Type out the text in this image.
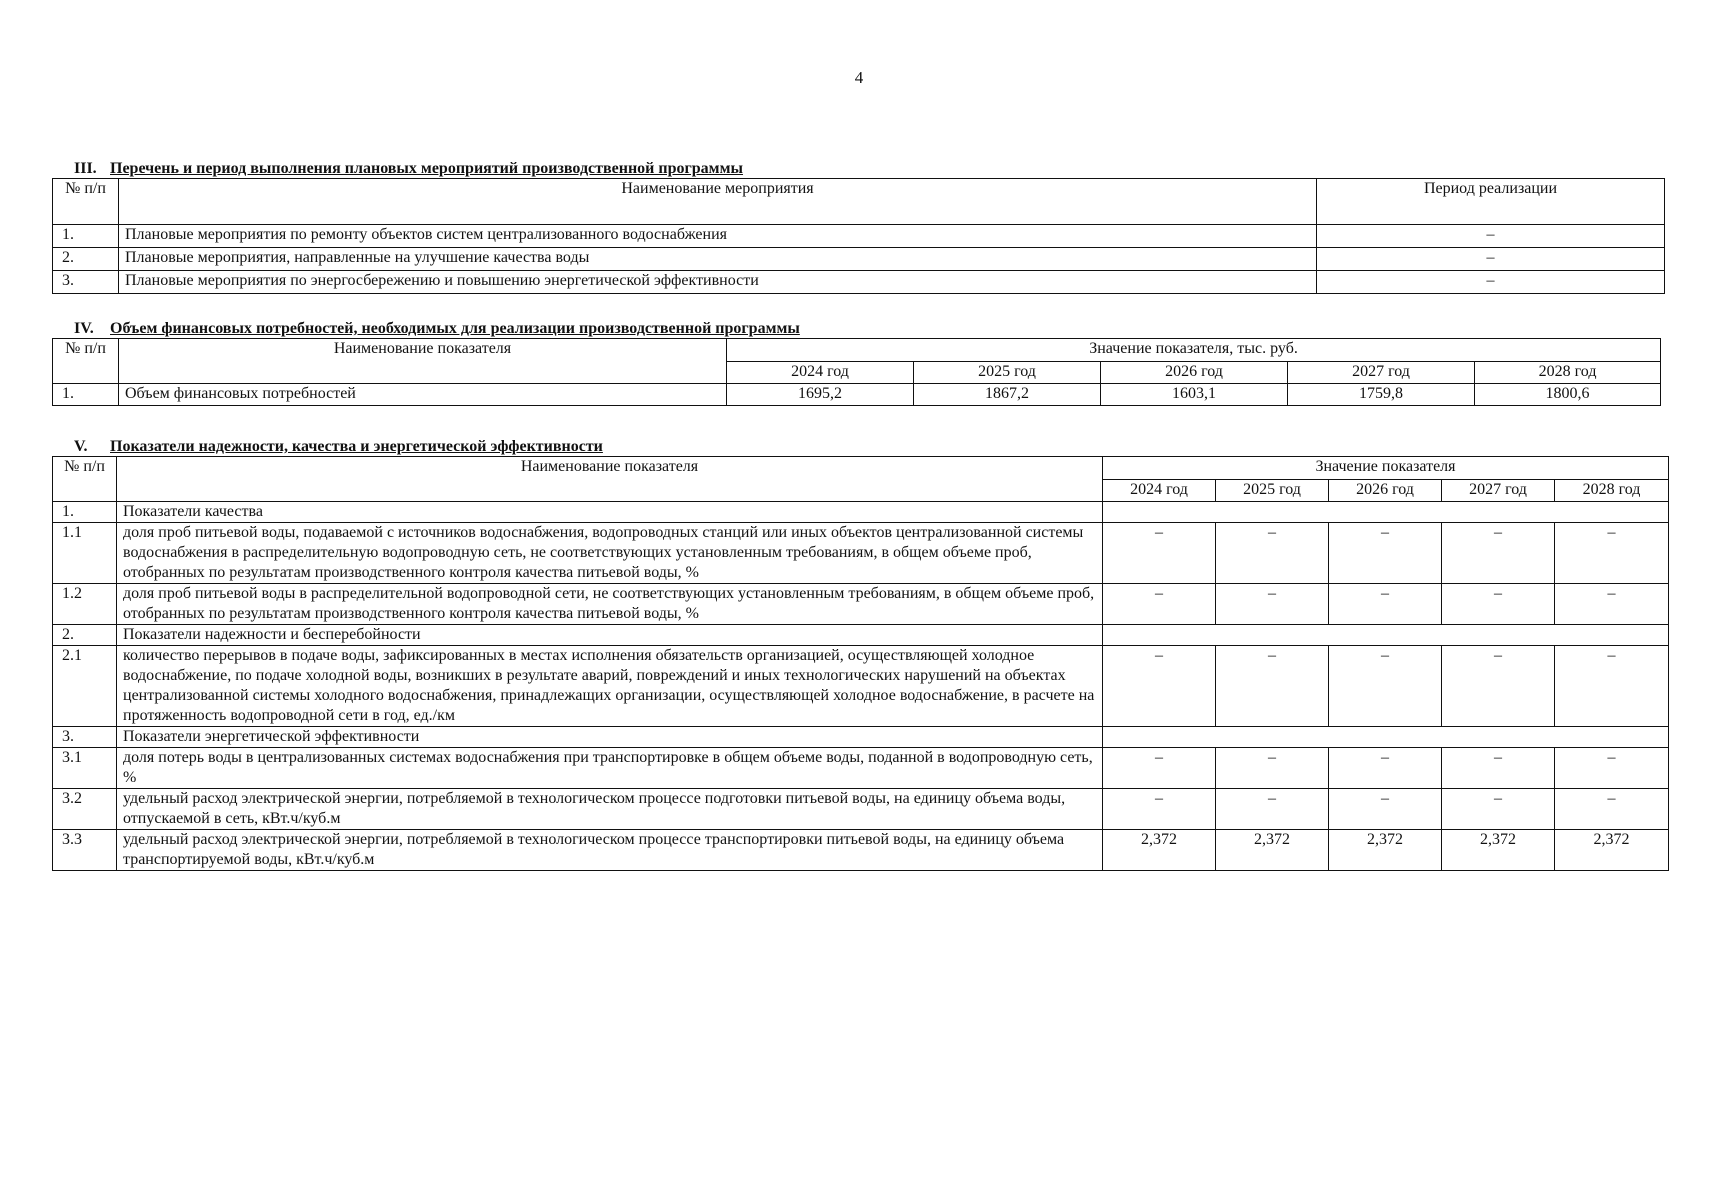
4
III. Перечень и период выполнения плановых мероприятий производственной программы
№ п/п	Наименование мероприятия	Период реализации
1.	Плановые мероприятия по ремонту объектов систем централизованного водоснабжения	–
2.	Плановые мероприятия, направленные на улучшение качества воды	–
3.	Плановые мероприятия по энергосбережению и повышению энергетической эффективности	–
IV.	Объем финансовых потребностей, необходимых для реализации производственной программы
№ п/п	Наименование показателя	Значение показателя, тыс. руб.				
		2024 год	2025 год	2026 год	2027 год	2028 год
1.	Объем финансовых потребностей	1695,2	1867,2	1603,1	1759,8	1800,6
V.	Показатели надежности, качества и энергетической эффективности
№ п/п	Наименование показателя	Значение показателя				
		2024 год	2025 год	2026 год	2027 год	2028 год
1.	Показатели качества					
1.1	доля проб питьевой воды, подаваемой с источников водоснабжения, водопроводных станций или иных объектов централизованной системы водоснабжения в распределительную водопроводную сеть, не соответствующих установленным требованиям, в общем объеме проб, отобранных по результатам производственного контроля качества питьевой воды, %	–	–	–	–	–
1.2	доля проб питьевой воды в распределительной водопроводной сети, не соответствующих установленным требованиям, в общем объеме проб, отобранных по результатам производственного контроля качества питьевой воды, %	–	–	–	–	–
2.	Показатели надежности и бесперебойности					
2.1	количество перерывов в подаче воды, зафиксированных в местах исполнения обязательств организацией, осуществляющей холодное водоснабжение, по подаче холодной воды, возникших в результате аварий, повреждений и иных технологических нарушений на объектах централизованной системы холодного водоснабжения, принадлежащих организации, осуществляющей холодное водоснабжение, в расчете на протяженность водопроводной сети в год, ед./км	–	–	–	–	–
3.	Показатели энергетической эффективности					
3.1	доля потерь воды в централизованных системах водоснабжения при транспортировке в общем объеме воды, поданной в водопроводную сеть, %	–	–	–	–	–
3.2	удельный расход электрической энергии, потребляемой в технологическом процессе подготовки питьевой воды, на единицу объема воды, отпускаемой в сеть, кВт.ч/куб.м	–	–	–	–	–
3.3	удельный расход электрической энергии, потребляемой в технологическом процессе транспортировки питьевой воды, на единицу объема транспортируемой воды, кВт.ч/куб.м	2,372	2,372	2,372	2,372	2,372
